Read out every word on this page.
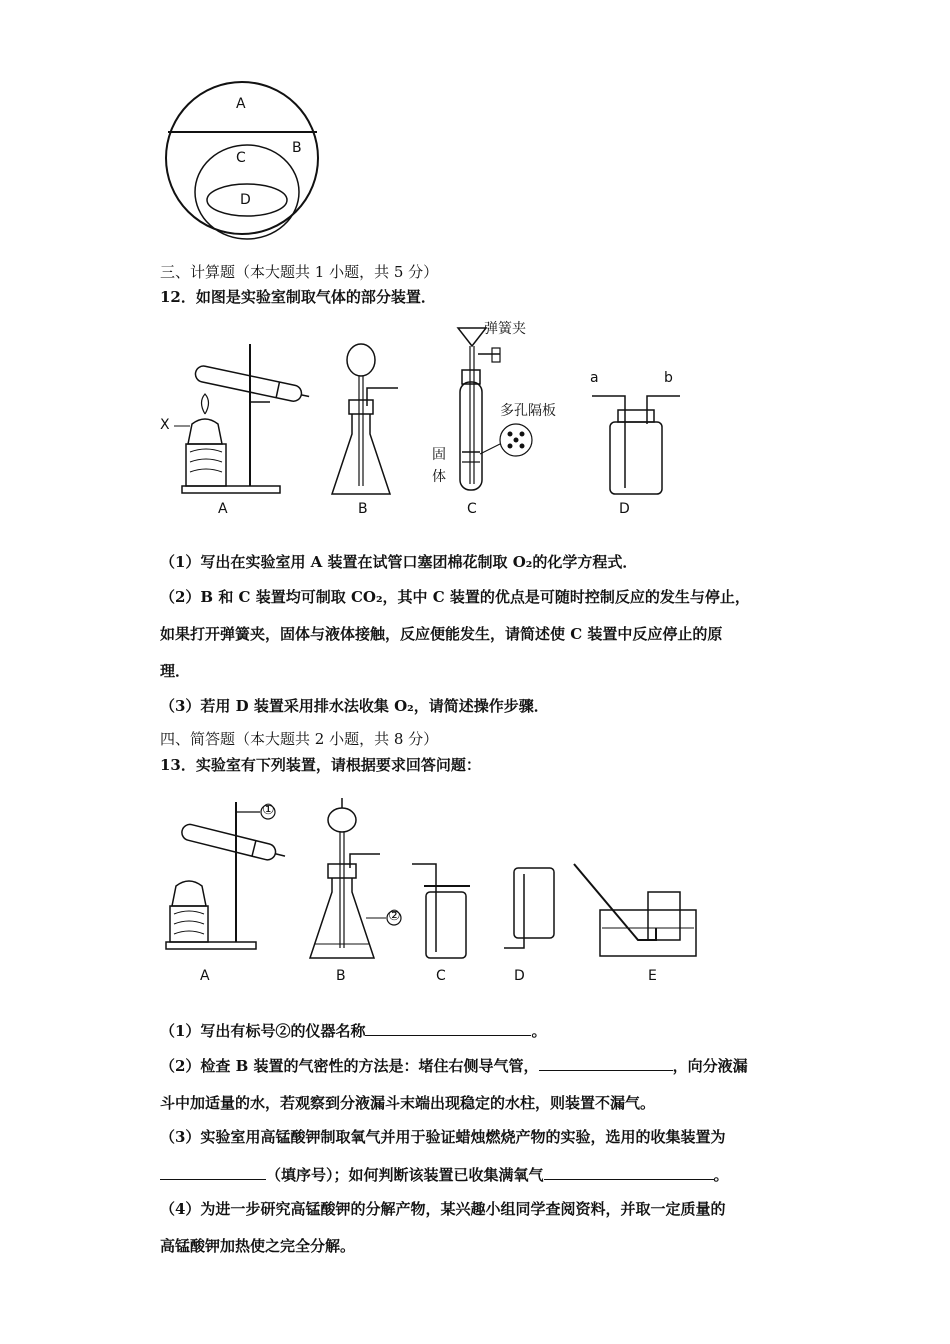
A
B
C
D
三、计算题（本大题共 1 小题，共 5 分）
12．如图是实验室制取气体的部分装置．
X
A	B	C	D
弹簧夹
多孔隔板
固
体
a	b
（1）写出在实验室用 A 装置在试管口塞团棉花制取 O₂的化学方程式．
（2）B 和 C 装置均可制取 CO₂，其中 C 装置的优点是可随时控制反应的发生与停止，
如果打开弹簧夹，固体与液体接触，反应便能发生，请简述使 C 装置中反应停止的原
理．
（3）若用 D 装置采用排水法收集 O₂，请简述操作步骤．
四、简答题（本大题共 2 小题，共 8 分）
13．实验室有下列装置，请根据要求回答问题：
①
②
A	B	C	D	E
（1）写出有标号②的仪器名称	。
（2）检查 B 装置的气密性的方法是：堵住右侧导气管，	，向分液漏
斗中加适量的水，若观察到分液漏斗末端出现稳定的水柱，则装置不漏气。
（3）实验室用高锰酸钾制取氧气并用于验证蜡烛燃烧产物的实验，选用的收集装置为
（填序号）；如何判断该装置已收集满氧气	。
（4）为进一步研究高锰酸钾的分解产物，某兴趣小组同学查阅资料，并取一定质量的
高锰酸钾加热使之完全分解。
